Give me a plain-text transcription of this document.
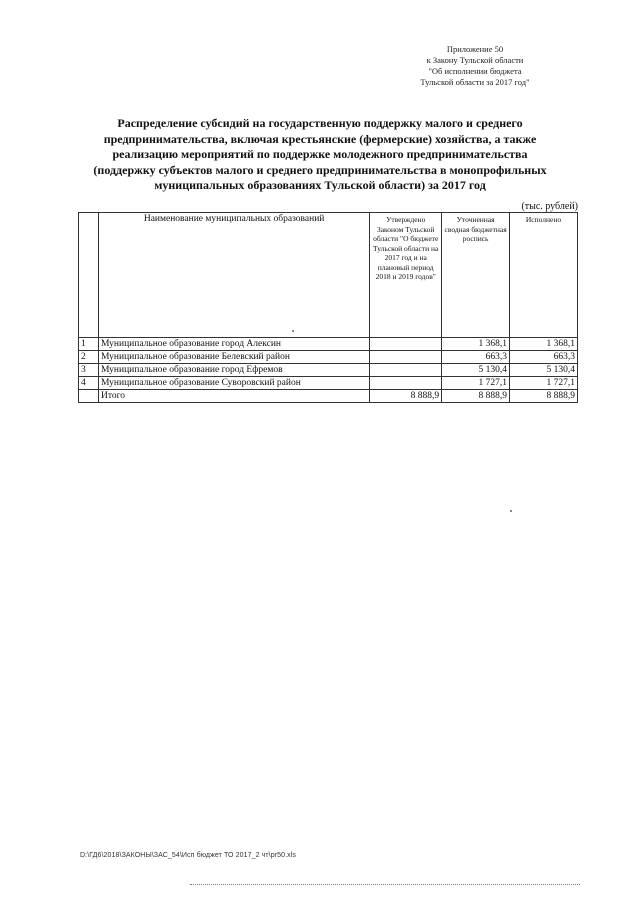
Приложение 50
к Закону Тульской области
"Об исполнении бюджета
Тульской области за 2017 год"
Распределение субсидий на государственную поддержку малого и среднего
предпринимательства, включая крестьянские (фермерские) хозяйства, а также
реализацию мероприятий по поддержке молодежного предпринимательства
(поддержку субъектов малого и среднего предпринимательства в монопрофильных
муниципальных образованиях Тульской области) за 2017 год
(тыс. рублей)
	Наименование муниципальных образований	Утверждено Законом Тульской области "О бюджете Тульской области на 2017 год и на плановый период 2018 и 2019 годов"	Уточненная сводная бюджетная роспись	Исполнено
1	Муниципальное образование город Алексин		1 368,1	1 368,1
2	Муниципальное образование Белевский район		663,3	663,3
3	Муниципальное образование город Ефремов		5 130,4	5 130,4
4	Муниципальное образование Суворовский район		1 727,1	1 727,1
	Итого	8 888,9	8 888,9	8 888,9
D:\ГД6\2018\ЗАКОНЫ\ЗАС_54\Исп бюджет ТО 2017_2 чт\pr50.xls
